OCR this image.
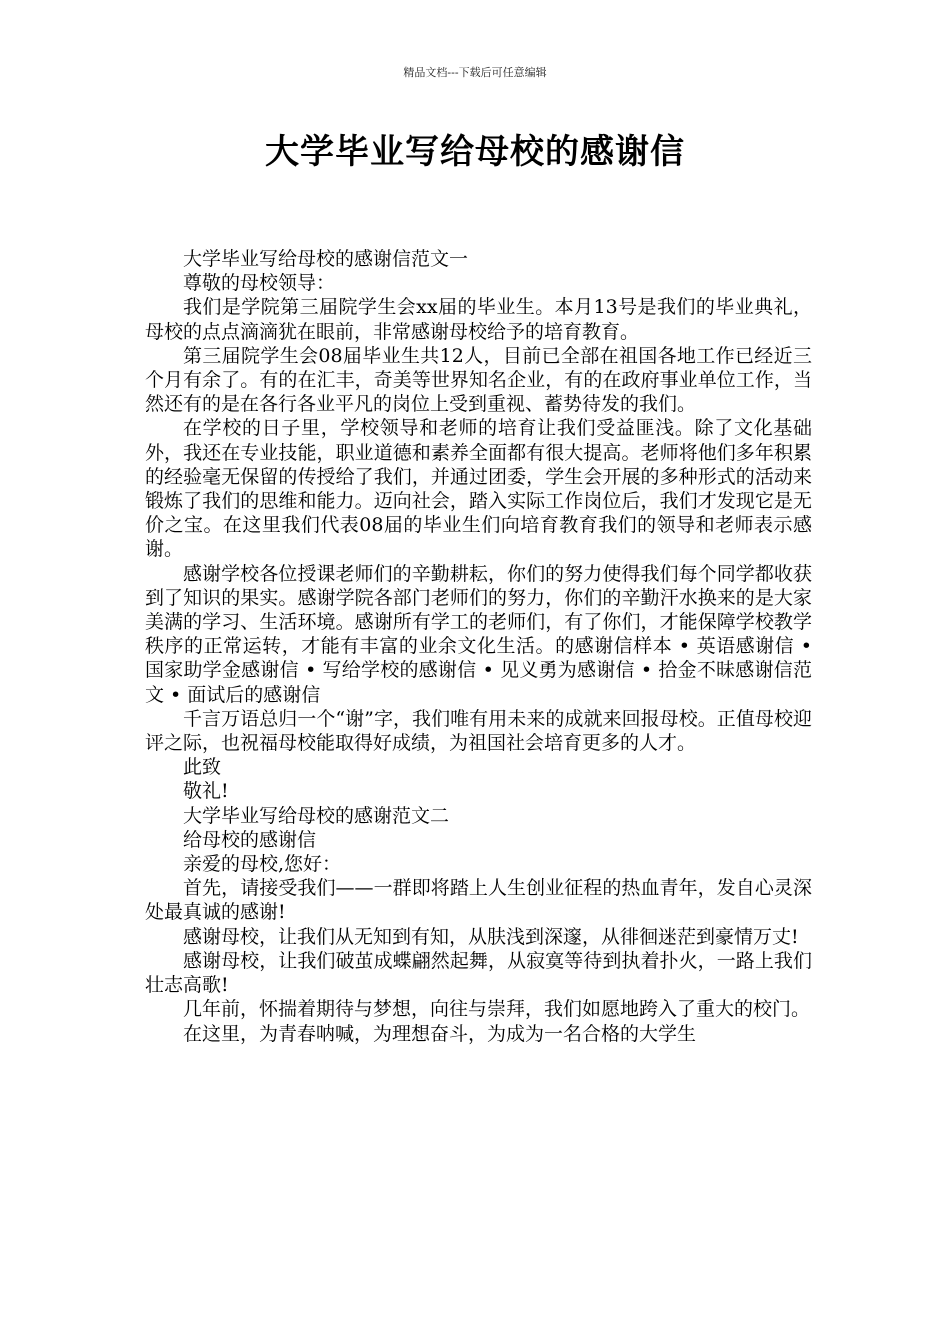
精品文档---下载后可任意编辑
大学毕业写给母校的感谢信

大学毕业写给母校的感谢信范文一

尊敬的母校领导：

我们是学院第三届院学生会xx届的毕业生。本月13号是我们的毕业典礼，母校的点点滴滴犹在眼前，非常感谢母校给予的培育教育。

第三届院学生会08届毕业生共12人，目前已全部在祖国各地工作已经近三个月有余了。有的在汇丰，奇美等世界知名企业，有的在政府事业单位工作，当然还有的是在各行各业平凡的岗位上受到重视、蓄势待发的我们。

在学校的日子里，学校领导和老师的培育让我们受益匪浅。除了文化基础外，我还在专业技能，职业道德和素养全面都有很大提高。老师将他们多年积累的经验毫无保留的传授给了我们，并通过团委，学生会开展的多种形式的活动来锻炼了我们的思维和能力。迈向社会，踏入实际工作岗位后，我们才发现它是无价之宝。在这里我们代表08届的毕业生们向培育教育我们的领导和老师表示感谢。

感谢学校各位授课老师们的辛勤耕耘，你们的努力使得我们每个同学都收获到了知识的果实。感谢学院各部门老师们的努力，你们的辛勤汗水换来的是大家美满的学习、生活环境。感谢所有学工的老师们，有了你们，才能保障学校教学秩序的正常运转，才能有丰富的业余文化生活。的感谢信样本 • 英语感谢信 • 国家助学金感谢信 • 写给学校的感谢信 • 见义勇为感谢信 • 拾金不昧感谢信范文 • 面试后的感谢信

千言万语总归一个“谢”字，我们唯有用未来的成就来回报母校。正值母校迎评之际，也祝福母校能取得好成绩，为祖国社会培育更多的人才。

此致

敬礼!

大学毕业写给母校的感谢范文二

给母校的感谢信

亲爱的母校,您好：

首先，请接受我们——一群即将踏上人生创业征程的热血青年，发自心灵深处最真诚的感谢!

感谢母校，让我们从无知到有知，从肤浅到深邃，从徘徊迷茫到豪情万丈!

感谢母校，让我们破茧成蝶翩然起舞，从寂寞等待到执着扑火，一路上我们壮志高歌!

几年前，怀揣着期待与梦想，向往与崇拜，我们如愿地跨入了重大的校门。

在这里，为青春呐喊，为理想奋斗，为成为一名合格的大学生
